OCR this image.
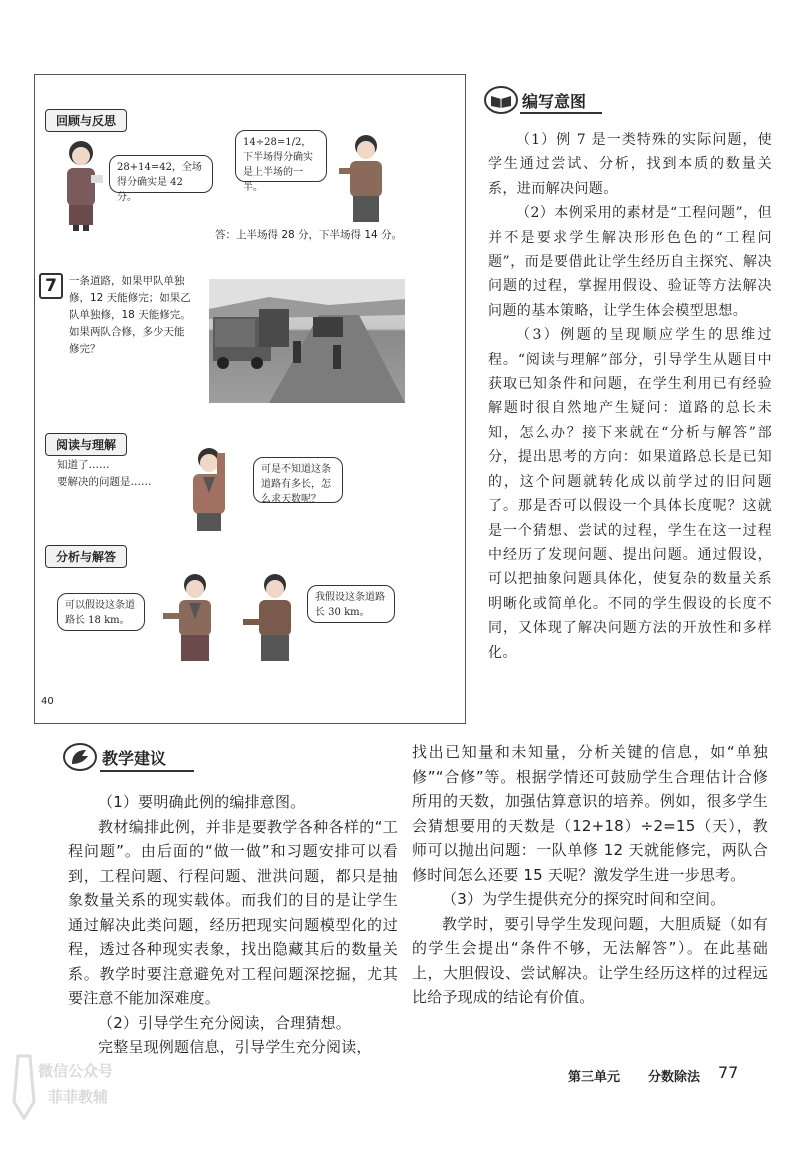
回顾与反思
28+14=42，全场得分确实是 42 分。
14÷28=1/2，下半场得分确实是上半场的一半。
答：上半场得 28 分，下半场得 14 分。
7	一条道路，如果甲队单独
修，12 天能修完；如果乙
队单独修，18 天能修完。
如果两队合修，多少天能
修完？
阅读与理解
知道了……
要解决的问题是……
可是不知道这条道路有多长，怎么求天数呢？
分析与解答
可以假设这条道路长 18 km。
我假设这条道路长 30 km。
40
编写意图

（1）例 7 是一类特殊的实际问题，使学生通过尝试、分析，找到本质的数量关系，进而解决问题。

（2）本例采用的素材是“工程问题”，但并不是要求学生解决形形色色的“工程问题”，而是要借此让学生经历自主探究、解决问题的过程，掌握用假设、验证等方法解决问题的基本策略，让学生体会模型思想。

（3）例题的呈现顺应学生的思维过程。“阅读与理解”部分，引导学生从题目中获取已知条件和问题，在学生利用已有经验解题时很自然地产生疑问：道路的总长未知，怎么办？接下来就在“分析与解答”部分，提出思考的方向：如果道路总长是已知的，这个问题就转化成以前学过的旧问题了。那是否可以假设一个具体长度呢？这就是一个猜想、尝试的过程，学生在这一过程中经历了发现问题、提出问题。通过假设，可以把抽象问题具体化，使复杂的数量关系明晰化或简单化。不同的学生假设的长度不同，又体现了解决问题方法的开放性和多样化。

教学建议

（1）要明确此例的编排意图。

教材编排此例，并非是要教学各种各样的“工程问题”。由后面的“做一做”和习题安排可以看到，工程问题、行程问题、泄洪问题，都只是抽象数量关系的现实载体。而我们的目的是让学生通过解决此类问题，经历把现实问题模型化的过程，透过各种现实表象，找出隐藏其后的数量关系。教学时要注意避免对工程问题深挖掘，尤其要注意不能加深难度。

（2）引导学生充分阅读，合理猜想。

完整呈现例题信息，引导学生充分阅读，

找出已知量和未知量，分析关键的信息，如“单独修”“合修”等。根据学情还可鼓励学生合理估计合修所用的天数，加强估算意识的培养。例如，很多学生会猜想要用的天数是（12+18）÷2=15（天），教师可以抛出问题：一队单修 12 天就能修完，两队合修时间怎么还要 15 天呢？激发学生进一步思考。

（3）为学生提供充分的探究时间和空间。

教学时，要引导学生发现问题，大胆质疑（如有的学生会提出“条件不够，无法解答”）。在此基础上，大胆假设、尝试解决。让学生经历这样的过程远比给予现成的结论有价值。

微信公众号
菲菲教辅
第三单元 分数除法 77
